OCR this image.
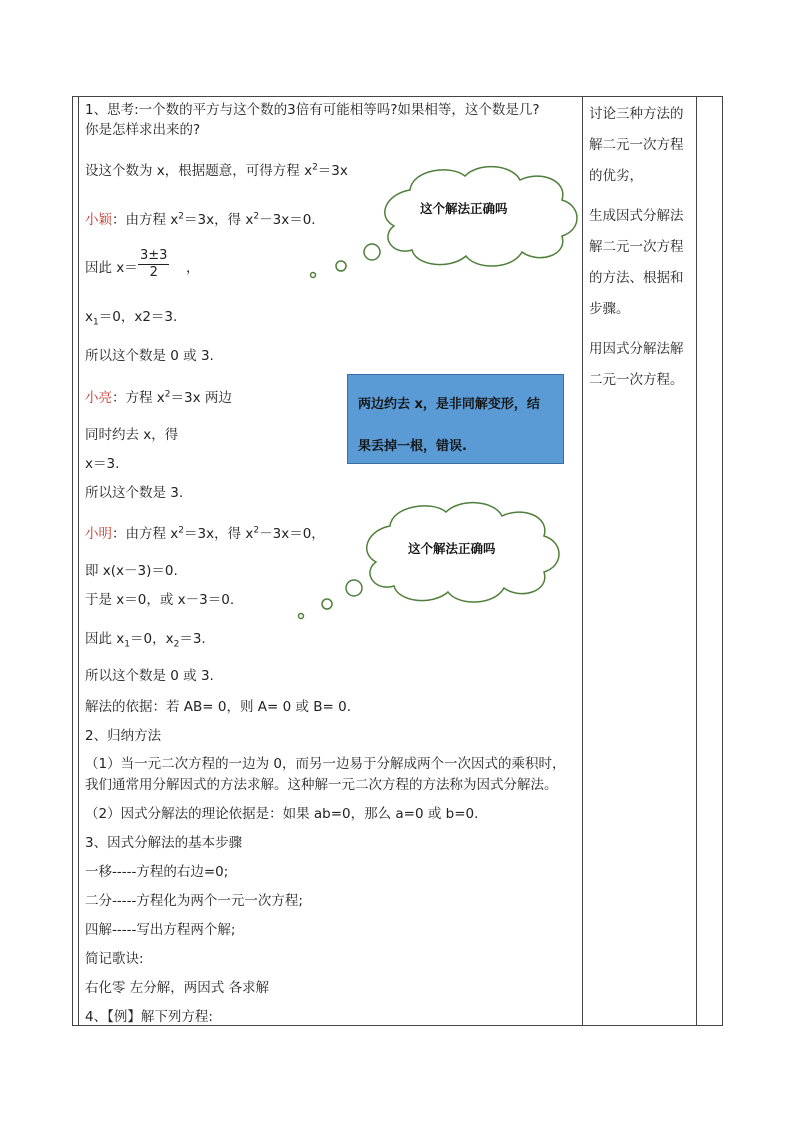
1、思考:一个数的平方与这个数的3倍有可能相等吗?如果相等，这个数是几?
你是怎样求出来的?
设这个数为 x，根据题意，可得方程 $x^2=3x$
小颖：由方程 $x^2=3x$，得 $x^2-3x=0$.
因此 $x= \frac{3\pm 3}{2}$ ，
$x_1=0$，x2＝3.
所以这个数是 0 或 3.
小亮：方程 $x^2=3x$ 两边
同时约去 x，得
x＝3.
所以这个数是 3.
小明：由方程 $x^2=3x$，得 $x^2-3x=0$，
即 x(x－3)＝0.
于是 x＝0，或 x－3＝0.
因此 $x_1=0$，$x_2=3$.
所以这个数是 0 或 3.
解法的依据：若 AB= 0，则 A= 0 或 B= 0.
2、归纳方法
（1）当一元二次方程的一边为 0，而另一边易于分解成两个一次因式的乘积时，
我们通常用分解因式的方法求解。这种解一元二次方程的方法称为因式分解法。
（2）因式分解法的理论依据是：如果 ab=0，那么 a=0 或 b=0.
3、因式分解法的基本步骤
一移-----方程的右边=0;
二分-----方程化为两个一元一次方程;
四解-----写出方程两个解;
简记歌诀:
右化零 左分解，两因式 各求解
4、【例】解下列方程:
这个解法正确吗
两边约去 x，是非同解变形，结
果丢掉一根，错误.
这个解法正确吗
讨论三种方法的
解二元一次方程
的优劣，
生成因式分解法
解二元一次方程
的方法、根据和
步骤。
用因式分解法解
二元一次方程。
